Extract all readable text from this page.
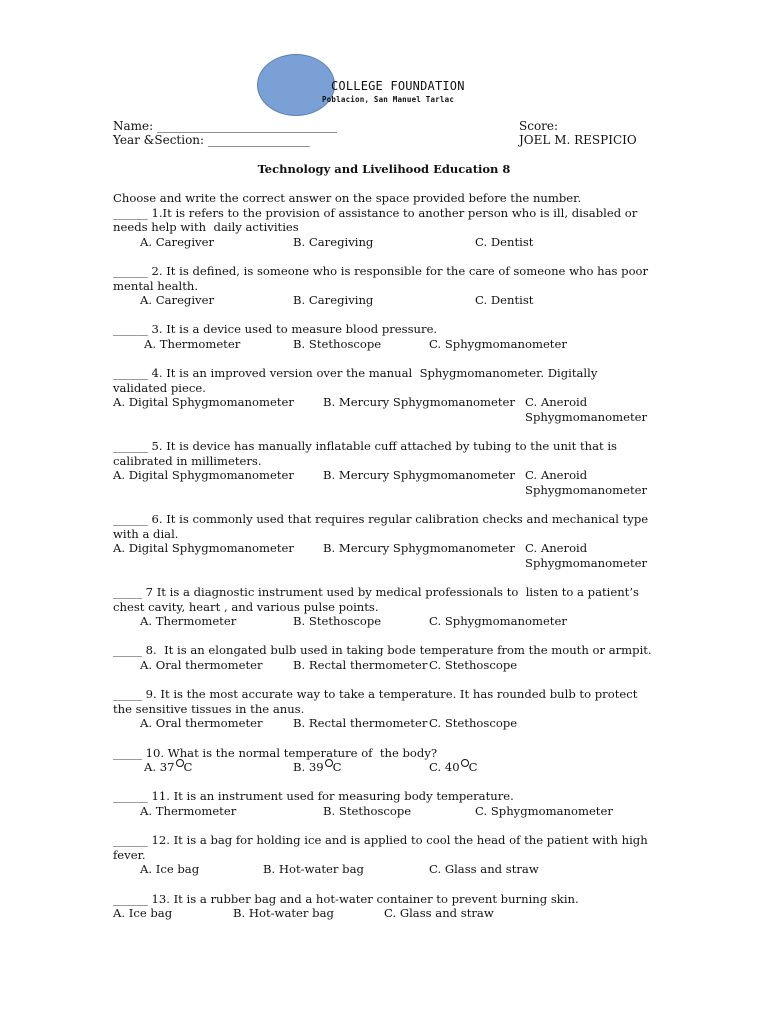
COLLEGE FOUNDATION
Poblacion, San Manuel Tarlac
Name: ______________________________
Year &Section: _________________
Score:
JOEL M. RESPICIO
Technology and Livelihood Education 8

Choose and write the correct answer on the space provided before the number.

______ 1.It is refers to the provision of assistance to another person who is ill, disabled or needs help with  daily activities
A. Caregiver	B. Caregiving	C. Dentist
______ 2. It is defined, is someone who is responsible for the care of someone who has poor mental health.
A. Caregiver	B. Caregiving	C. Dentist
______ 3. It is a device used to measure blood pressure.
A. Thermometer	B. Stethoscope	C. Sphygmomanometer
______ 4. It is an improved version over the manual  Sphygmomanometer. Digitally validated piece.
A. Digital Sphygmomanometer	B. Mercury Sphygmomanometer C. Aneroid Sphygmomanometer
______ 5. It is device has manually inflatable cuff attached by tubing to the unit that is calibrated in millimeters.
A. Digital Sphygmomanometer	B. Mercury Sphygmomanometer C. Aneroid Sphygmomanometer
______ 6. It is commonly used that requires regular calibration checks and mechanical type with a dial.
A. Digital Sphygmomanometer	B. Mercury Sphygmomanometer C. Aneroid Sphygmomanometer
_____ 7 It is a diagnostic instrument used by medical professionals to  listen to a patient’s chest cavity, heart , and various pulse points.
A. Thermometer	B. Stethoscope	C. Sphygmomanometer
_____ 8.  It is an elongated bulb used in taking bode temperature from the mouth or armpit.
A. Oral thermometer	B. Rectal thermometer C. Stethoscope
_____ 9. It is the most accurate way to take a temperature. It has rounded bulb to protect the sensitive tissues in the anus.
A. Oral thermometer	B. Rectal thermometer C. Stethoscope
_____ 10. What is the normal temperature of  the body?
A. 37 C	B. 39 C	C. 40 C
______ 11. It is an instrument used for measuring body temperature.
A. Thermometer	B. Stethoscope	C. Sphygmomanometer
______ 12. It is a bag for holding ice and is applied to cool the head of the patient with high fever.
A. Ice bag	B. Hot-water bag	C. Glass and straw
______ 13. It is a rubber bag and a hot-water container to prevent burning skin.
A. Ice bag	B. Hot-water bag	C. Glass and straw
